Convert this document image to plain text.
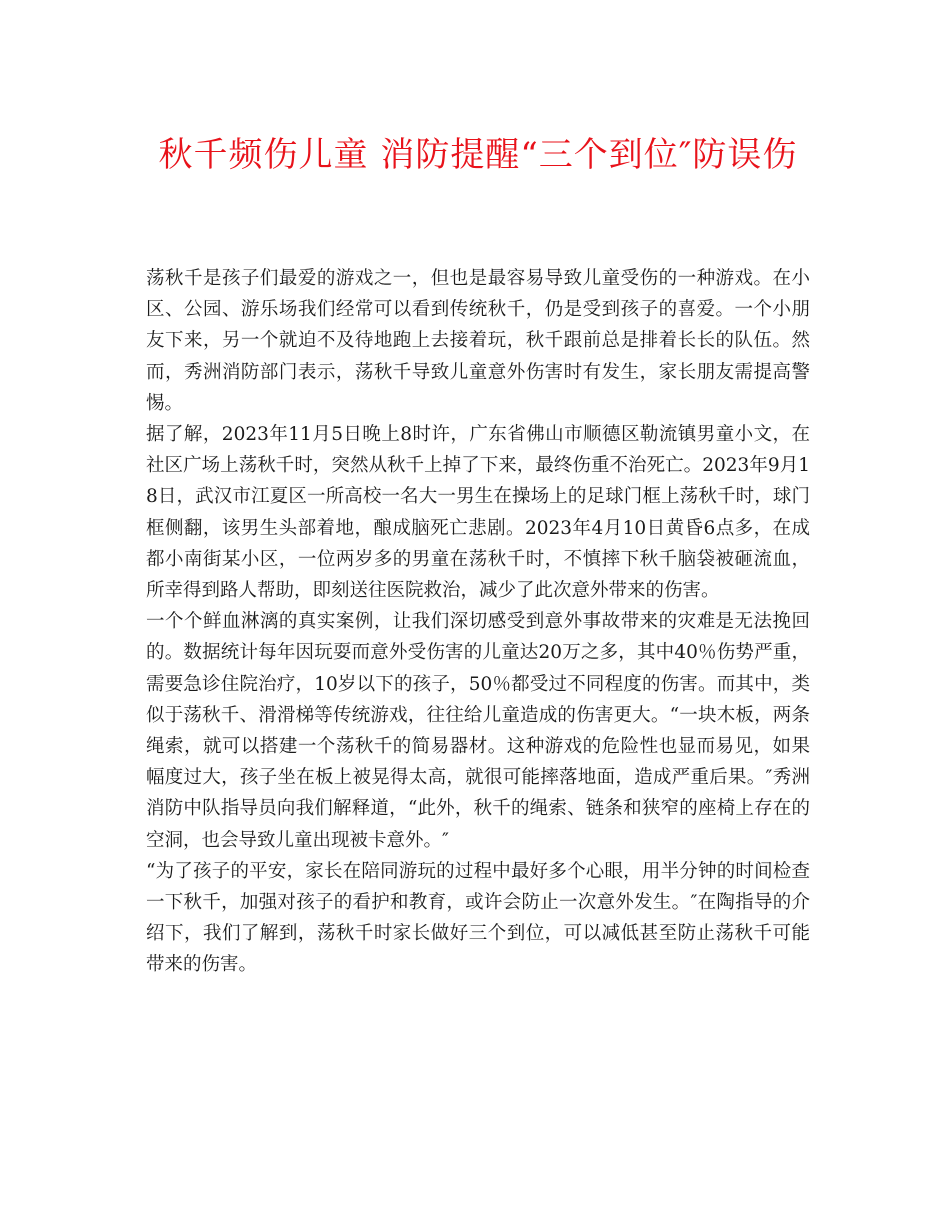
秋千频伤儿童 消防提醒“三个到位″防误伤

荡秋千是孩子们最爱的游戏之一，但也是最容易导致儿童受伤的一种游戏。在小区、公园、游乐场我们经常可以看到传统秋千，仍是受到孩子的喜爱。一个小朋友下来，另一个就迫不及待地跑上去接着玩，秋千跟前总是排着长长的队伍。然而，秀洲消防部门表示，荡秋千导致儿童意外伤害时有发生，家长朋友需提高警惕。

据了解，2023年11月5日晚上8时许，广东省佛山市顺德区勒流镇男童小文，在社区广场上荡秋千时，突然从秋千上掉了下来，最终伤重不治死亡。2023年9月18日，武汉市江夏区一所高校一名大一男生在操场上的足球门框上荡秋千时，球门框侧翻，该男生头部着地，酿成脑死亡悲剧。2023年4月10日黄昏6点多，在成都小南街某小区，一位两岁多的男童在荡秋千时，不慎摔下秋千脑袋被砸流血，所幸得到路人帮助，即刻送往医院救治，减少了此次意外带来的伤害。

一个个鲜血淋漓的真实案例，让我们深切感受到意外事故带来的灾难是无法挽回的。数据统计每年因玩耍而意外受伤害的儿童达20万之多，其中40％伤势严重，需要急诊住院治疗，10岁以下的孩子，50％都受过不同程度的伤害。而其中，类似于荡秋千、滑滑梯等传统游戏，往往给儿童造成的伤害更大。“一块木板，两条绳索，就可以搭建一个荡秋千的简易器材。这种游戏的危险性也显而易见，如果幅度过大，孩子坐在板上被晃得太高，就很可能摔落地面，造成严重后果。″秀洲消防中队指导员向我们解释道，“此外，秋千的绳索、链条和狭窄的座椅上存在的空洞，也会导致儿童出现被卡意外。″

“为了孩子的平安，家长在陪同游玩的过程中最好多个心眼，用半分钟的时间检查一下秋千，加强对孩子的看护和教育，或许会防止一次意外发生。″在陶指导的介绍下，我们了解到，荡秋千时家长做好三个到位，可以减低甚至防止荡秋千可能带来的伤害。
